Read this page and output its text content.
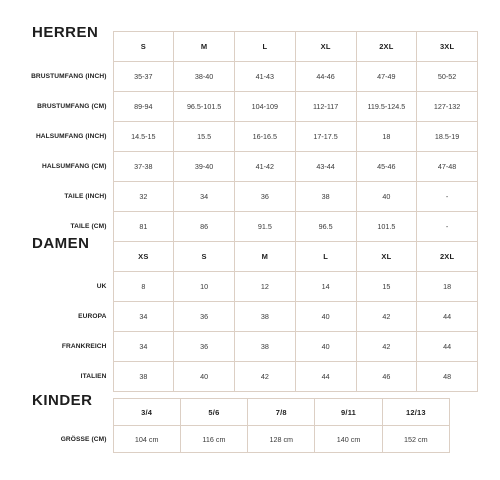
HERREN
	S	M	L	XL	2XL	3XL
BRUSTUMFANG (INCH)	35-37	38-40	41-43	44-46	47-49	50-52
BRUSTUMFANG (CM)	89-94	96.5-101.5	104-109	112-117	119.5-124.5	127-132
HALSUMFANG (INCH)	14.5-15	15.5	16-16.5	17-17.5	18	18.5-19
HALSUMFANG (CM)	37-38	39-40	41-42	43-44	45-46	47-48
TAILE (INCH)	32	34	36	38	40	-
TAILE (CM)	81	86	91.5	96.5	101.5	-
DAMEN
	XS	S	M	L	XL	2XL
UK	8	10	12	14	15	18
EUROPA	34	36	38	40	42	44
FRANKREICH	34	36	38	40	42	44
ITALIEN	38	40	42	44	46	48
KINDER
	3/4	5/6	7/8	9/11	12/13
GRÖSSE (CM)	104 cm	116 cm	128 cm	140 cm	152 cm
